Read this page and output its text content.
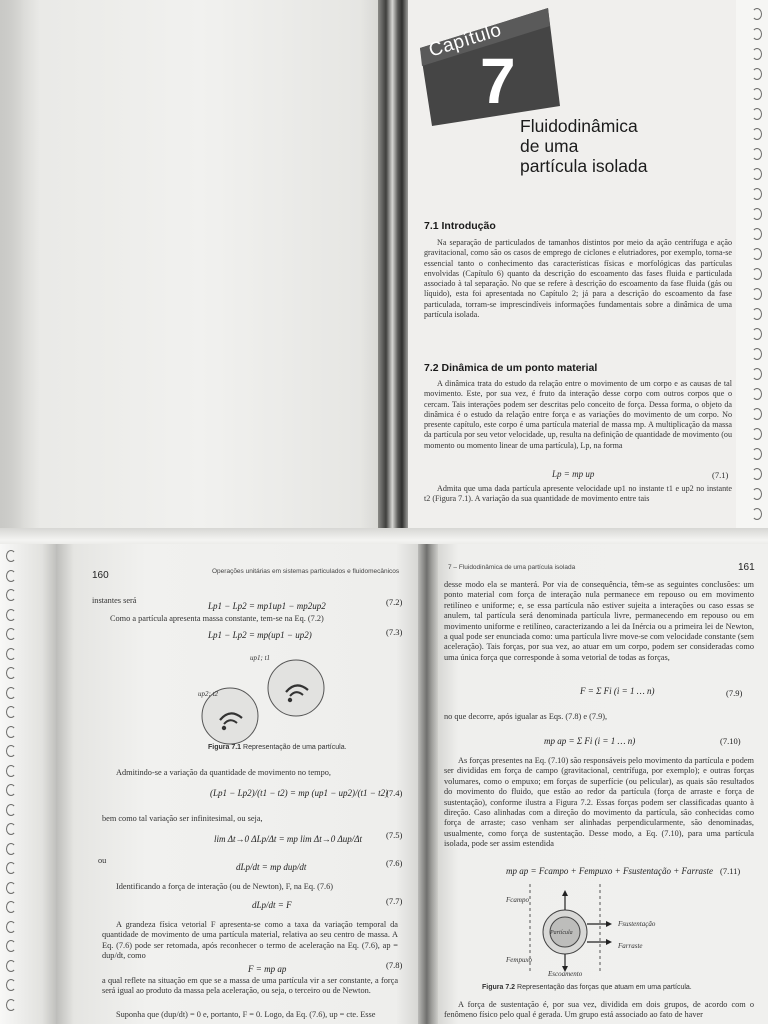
Capítulo
7
Fluidodinâmica
de uma
partícula isolada
7.1 Introdução

Na separação de particulados de tamanhos distintos por meio da ação centrífuga e ação gravitacional, como são os casos de emprego de ciclones e elutriadores, por exemplo, torna-se essencial tanto o conhecimento das características físicas e morfológicas das partículas envolvidas (Capítulo 6) quanto da descrição do escoamento das fases fluida e particulada associado à tal separação. No que se refere à descrição do escoamento da fase fluida (gás ou líquido), esta foi apresentada no Capítulo 2; já para a descrição do escoamento da fase particulada, torram-se imprescindíveis informações fundamentais sobre a dinâmica de uma partícula isolada.

7.2 Dinâmica de um ponto material

A dinâmica trata do estudo da relação entre o movimento de um corpo e as causas de tal movimento. Este, por sua vez, é fruto da interação desse corpo com outros corpos que o cercam. Tais interações podem ser descritas pelo conceito de força. Dessa forma, o objeto da dinâmica é o estudo da relação entre força e as variações do movimento de um corpo. No presente capítulo, este corpo é uma partícula material de massa mp. A multiplicação da massa da partícula por seu vetor velocidade, up, resulta na definição de quantidade de movimento (ou momento ou momento linear de uma partícula), Lp, na forma

Lp = mp up	(7.1)

Admita que uma dada partícula apresente velocidade up1 no instante t1 e up2 no instante t2 (Figura 7.1). A variação da sua quantidade de movimento entre tais

160	Operações unitárias em sistemas particulados e fluidomecânicos
instantes será
Lp1 − Lp2 = mp1up1 − mp2up2	(7.2)
Como a partícula apresenta massa constante, tem-se na Eq. (7.2)
Lp1 − Lp2 = mp(up1 − up2)	(7.3)
up1; t1
up2; t2
Figura 7.1 Representação de uma partícula.
Admitindo-se a variação da quantidade de movimento no tempo,
(Lp1 − Lp2)/(t1 − t2) = mp (up1 − up2)/(t1 − t2)
(7.4)
bem como tal variação ser infinitesimal, ou seja,
lim Δt→0 ΔLp/Δt = mp lim Δt→0 Δup/Δt	(7.5)
ou
dLp/dt = mp dup/dt	(7.6)
Identificando a força de interação (ou de Newton), F, na Eq. (7.6)
dLp/dt = F	(7.7)
A grandeza física vetorial F apresenta-se como a taxa da variação temporal da quantidade de movimento de uma partícula material, relativa ao seu centro de massa. A Eq. (7.6) pode ser retomada, após reconhecer o termo de aceleração na Eq. (7.6), ap = dup/dt, como
F = mp ap	(7.8)
a qual reflete na situação em que se a massa de uma partícula vir a ser constante, a força será igual ao produto da massa pela aceleração, ou seja, o terceiro ou de Newton.
Suponha que (dup/dt) = 0 e, portanto, F = 0. Logo, da Eq. (7.6), up = cte. Esse
7 – Fluidodinâmica de uma partícula isolada	161
desse modo ela se manterá. Por via de consequência, têm-se as seguintes conclusões: um ponto material com força de interação nula permanece em repouso ou em movimento retilíneo e uniforme; e, se essa partícula não estiver sujeita a interações ou caso essas se anulem, tal partícula será denominada partícula livre, permanecendo em repouso ou em movimento uniforme e retilíneo, caracterizando a lei da Inércia ou a primeira lei de Newton, a qual pode ser enunciada como: uma partícula livre move-se com velocidade constante (sem aceleração). Tais forças, por sua vez, ao atuar em um corpo, podem ser consideradas como uma única força que corresponde à soma vetorial de todas as forças,
F = Σ Fi (i = 1 … n)	(7.9)
no que decorre, após igualar as Eqs. (7.8) e (7.9),
mp ap = Σ Fi (i = 1 … n)	(7.10)
As forças presentes na Eq. (7.10) são responsáveis pelo movimento da partícula e podem ser divididas em força de campo (gravitacional, centrífuga, por exemplo); e outras forças volumares, como o empuxo; em forças de superfície (ou pelicular), as quais são resultados do movimento do fluido, que estão ao redor da partícula (força de arraste e força de sustentação), conforme ilustra a Figura 7.2. Essas forças podem ser classificadas quanto à direção. Caso alinhadas com a direção do movimento da partícula, são conhecidas como força de arraste; caso venham ser alinhadas perpendicularmente, são denominadas, usualmente, como força de sustentação. Desse modo, a Eq. (7.10), para uma partícula isolada, pode ser assim estendida
mp ap = Fcampo + Fempuxo + Fsustentação + Farraste (7.11)
Fcampo
Fsustentação
Farraste
Fempuxo
Partícula
Escoamento
Figura 7.2 Representação das forças que atuam em uma partícula.
A força de sustentação é, por sua vez, dividida em dois grupos, de acordo com o fenômeno físico pelo qual é gerada. Um grupo está associado ao fato de haver
